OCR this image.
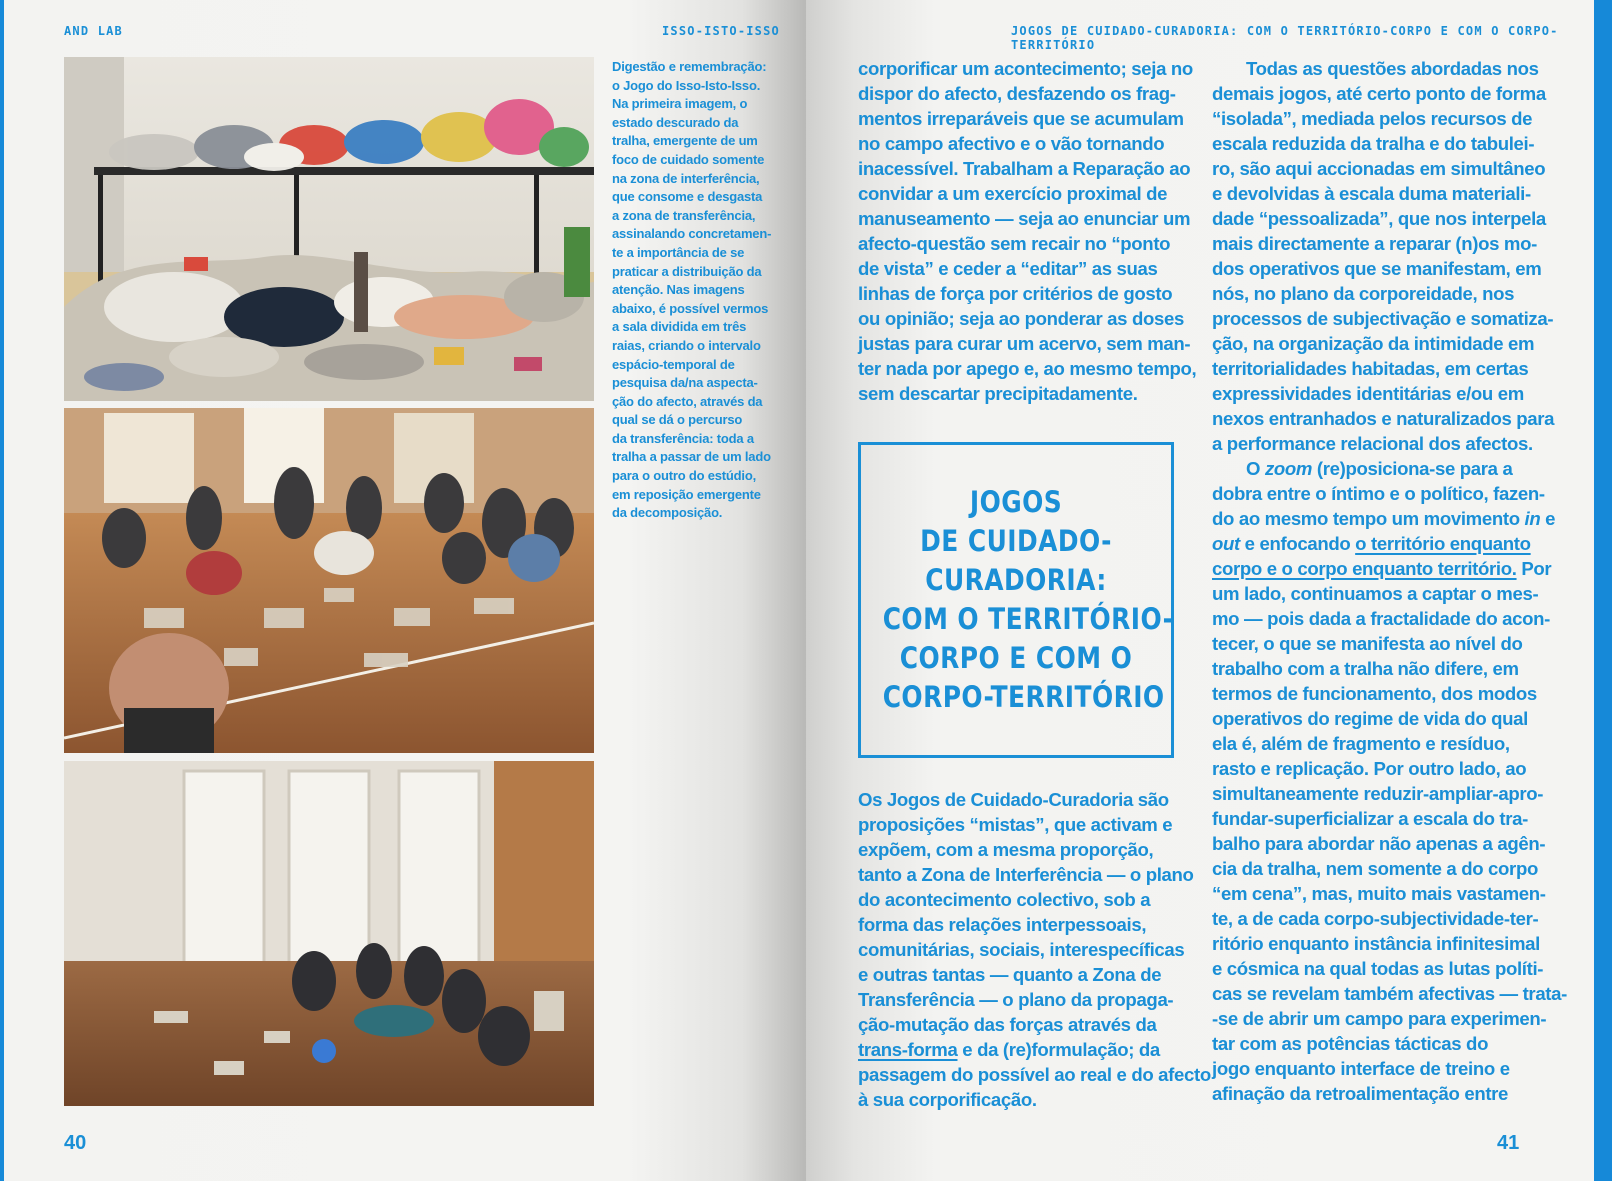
AND LAB	ISSO-ISTO-ISSO
Digestão e remembração:
o Jogo do Isso-Isto-Isso.
Na primeira imagem, o
estado descurado da
tralha, emergente de um
foco de cuidado somente
na zona de interferência,
que consome e desgasta
a zona de transferência,
assinalando concretamen-
te a importância de se
praticar a distribuição da
atenção. Nas imagens
abaixo, é possível vermos
a sala dividida em três
raias, criando o intervalo
espácio-temporal de
pesquisa da/na aspecta-
ção do afecto, através da
qual se dá o percurso
da transferência: toda a
tralha a passar de um lado
para o outro do estúdio,
em reposição emergente
da decomposição.
40
JOGOS DE CUIDADO-CURADORIA: COM O TERRITÓRIO-CORPO E COM O CORPO-TERRITÓRIO
41

corporificar um acontecimento; seja no

dispor do afecto, desfazendo os frag-

mentos irreparáveis que se acumulam

no campo afectivo e o vão tornando

inacessível. Trabalham a Reparação ao

convidar a um exercício proximal de

manuseamento — seja ao enunciar um

afecto-questão sem recair no “ponto

de vista” e ceder a “editar” as suas

linhas de força por critérios de gosto

ou opinião; seja ao ponderar as doses

justas para curar um acervo, sem man-

ter nada por apego e, ao mesmo tempo,

sem descartar precipitadamente.

JOGOS
DE CUIDADO-
CURADORIA:
COM O TERRITÓRIO-
CORPO E COM O
CORPO-TERRITÓRIO

Os Jogos de Cuidado-Curadoria são

proposições “mistas”, que activam e

expõem, com a mesma proporção,

tanto a Zona de Interferência — o plano

do acontecimento colectivo, sob a

forma das relações interpessoais,

comunitárias, sociais, interespecíficas

e outras tantas — quanto a Zona de

Transferência — o plano da propaga-

ção-mutação das forças através da

trans-forma e da (re)formulação; da

passagem do possível ao real e do afecto

à sua corporificação.

Todas as questões abordadas nos

demais jogos, até certo ponto de forma

“isolada”, mediada pelos recursos de

escala reduzida da tralha e do tabulei-

ro, são aqui accionadas em simultâneo

e devolvidas à escala duma materiali-

dade “pessoalizada”, que nos interpela

mais directamente a reparar (n)os mo-

dos operativos que se manifestam, em

nós, no plano da corporeidade, nos

processos de subjectivação e somatiza-

ção, na organização da intimidade em

territorialidades habitadas, em certas

expressividades identitárias e/ou em

nexos entranhados e naturalizados para

a performance relacional dos afectos.

O zoom (re)posiciona-se para a

dobra entre o íntimo e o político, fazen-

do ao mesmo tempo um movimento in e

out e enfocando o território enquanto

corpo e o corpo enquanto território. Por

um lado, continuamos a captar o mes-

mo — pois dada a fractalidade do acon-

tecer, o que se manifesta ao nível do

trabalho com a tralha não difere, em

termos de funcionamento, dos modos

operativos do regime de vida do qual

ela é, além de fragmento e resíduo,

rasto e replicação. Por outro lado, ao

simultaneamente reduzir-ampliar-apro-

fundar-superficializar a escala do tra-

balho para abordar não apenas a agên-

cia da tralha, nem somente a do corpo

“em cena”, mas, muito mais vastamen-

te, a de cada corpo-subjectividade-ter-

ritório enquanto instância infinitesimal

e cósmica na qual todas as lutas políti-

cas se revelam também afectivas — trata-

-se de abrir um campo para experimen-

tar com as potências tácticas do

jogo enquanto interface de treino e

afinação da retroalimentação entre
